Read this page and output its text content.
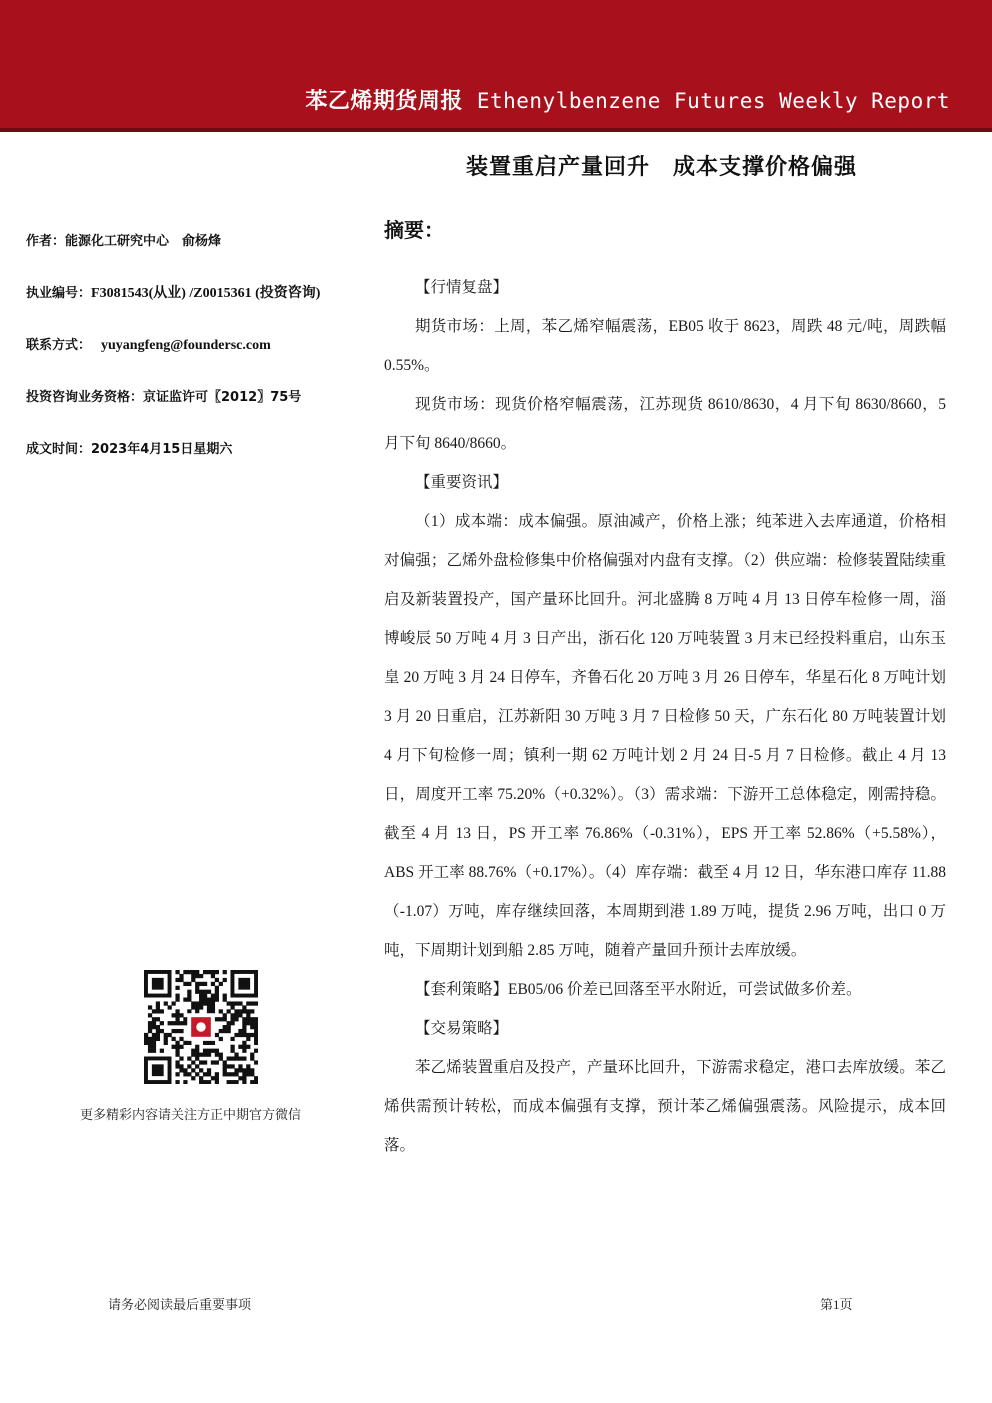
苯乙烯期货周报 Ethenylbenzene Futures Weekly Report
装置重启产量回升　成本支撑价格偏强
作者：能源化工研究中心　俞杨烽
执业编号：F3081543(从业) /Z0015361 (投资咨询)
联系方式： yuyangfeng@foundersc.com
投资咨询业务资格：京证监许可〖2012〗75号
成文时间：2023年4月15日星期六
更多精彩内容请关注方正中期官方微信
摘要：

【行情复盘】

期货市场：上周，苯乙烯窄幅震荡，EB05 收于 8623，周跌 48 元/吨，周跌幅 0.55%。

现货市场：现货价格窄幅震荡，江苏现货 8610/8630，4 月下旬 8630/8660，5 月下旬 8640/8660。

【重要资讯】

（1）成本端：成本偏强。原油减产，价格上涨；纯苯进入去库通道，价格相对偏强；乙烯外盘检修集中价格偏强对内盘有支撑。（2）供应端：检修装置陆续重启及新装置投产，国产量环比回升。河北盛腾 8 万吨 4 月 13 日停车检修一周，淄博峻辰 50 万吨 4 月 3 日产出，浙石化 120 万吨装置 3 月末已经投料重启，山东玉皇 20 万吨 3 月 24 日停车，齐鲁石化 20 万吨 3 月 26 日停车，华星石化 8 万吨计划 3 月 20 日重启，江苏新阳 30 万吨 3 月 7 日检修 50 天，广东石化 80 万吨装置计划 4 月下旬检修一周；镇利一期 62 万吨计划 2 月 24 日-5 月 7 日检修。截止 4 月 13 日，周度开工率 75.20%（+0.32%）。（3）需求端：下游开工总体稳定，刚需持稳。截至 4 月 13 日，PS 开工率 76.86%（-0.31%），EPS 开工率 52.86%（+5.58%），ABS 开工率 88.76%（+0.17%）。（4）库存端：截至 4 月 12 日，华东港口库存 11.88（-1.07）万吨，库存继续回落，本周期到港 1.89 万吨，提货 2.96 万吨，出口 0 万吨，下周期计划到船 2.85 万吨，随着产量回升预计去库放缓。

【套利策略】EB05/06 价差已回落至平水附近，可尝试做多价差。

【交易策略】

苯乙烯装置重启及投产，产量环比回升，下游需求稳定，港口去库放缓。苯乙烯供需预计转松，而成本偏强有支撑，预计苯乙烯偏强震荡。风险提示，成本回落。

请务必阅读最后重要事项	第1页
